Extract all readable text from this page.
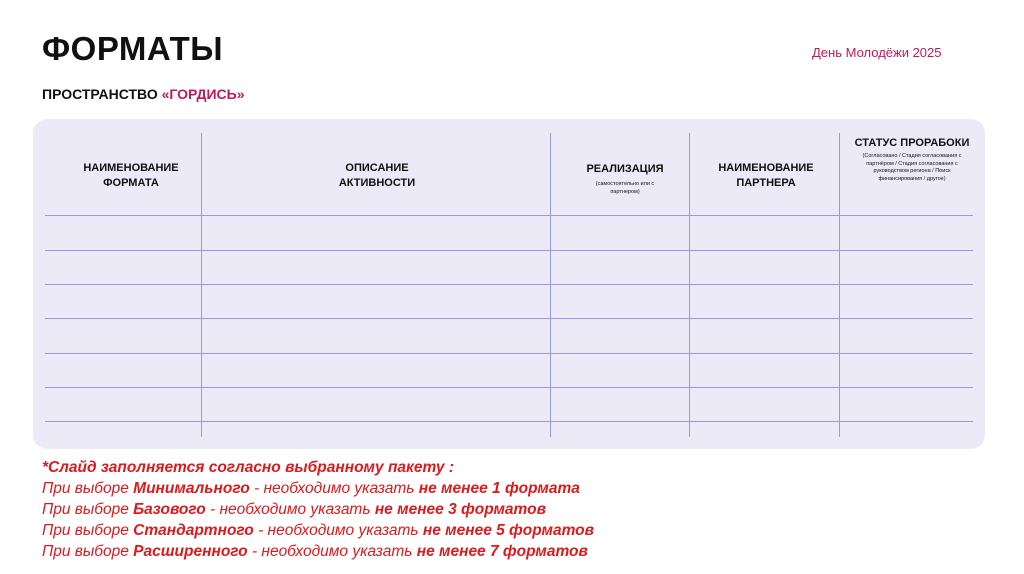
ФОРМАТЫ	День Молодёжи 2025
ПРОСТРАНСТВО «ГОРДИСЬ»
НАИМЕНОВАНИЕ ФОРМАТА
ОПИСАНИЕ АКТИВНОСТИ
РЕАЛИЗАЦИЯ
(самостоятельно или с партнером)
НАИМЕНОВАНИЕ ПАРТНЕРА
СТАТУС ПРОРАБОКИ
(Согласовано / Стадия согласования с партнёром / Стадия согласования с руководством региона / Поиск финансирования / другое)
*Слайд заполняется согласно выбранному пакету :
При выборе Минимального - необходимо указать не менее 1 формата
При выборе Базового - необходимо указать не менее 3 форматов
При выборе Стандартного - необходимо указать не менее 5 форматов
При выборе Расширенного - необходимо указать не менее 7 форматов
